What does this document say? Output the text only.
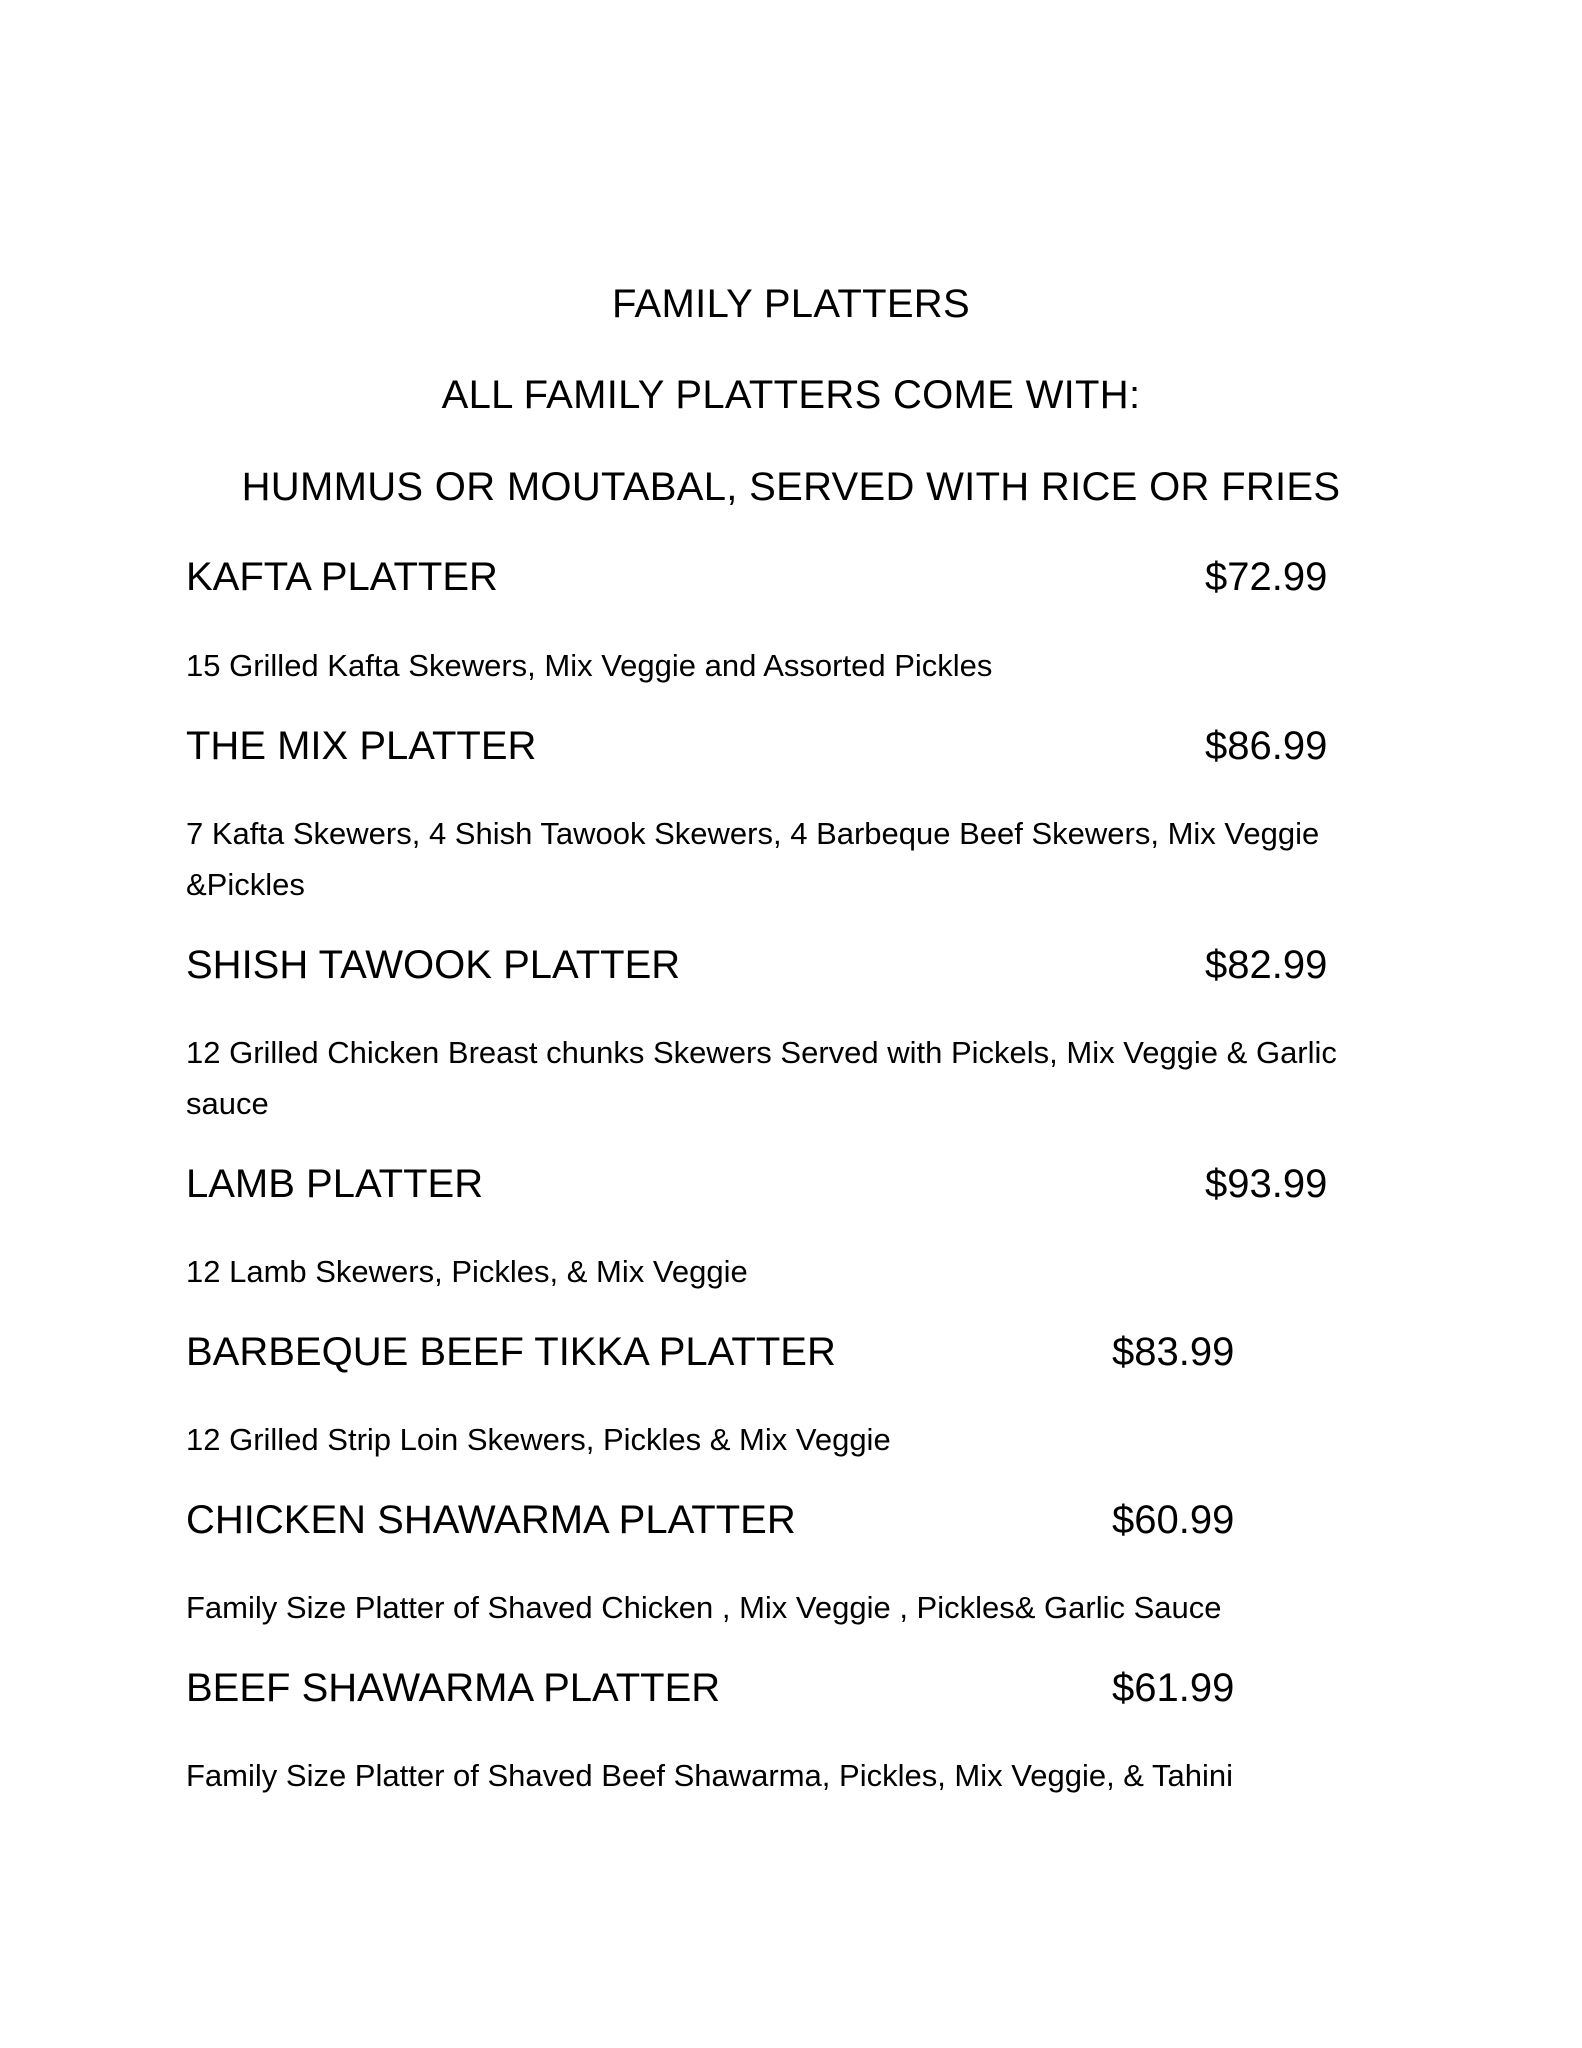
FAMILY PLATTERS
ALL FAMILY PLATTERS COME WITH:
HUMMUS OR MOUTABAL, SERVED WITH RICE OR FRIES
KAFTA PLATTER	$72.99
15 Grilled Kafta Skewers, Mix Veggie and Assorted Pickles
THE MIX PLATTER	$86.99
7 Kafta Skewers, 4 Shish Tawook Skewers, 4 Barbeque Beef Skewers, Mix Veggie &Pickles
SHISH TAWOOK PLATTER	$82.99
12 Grilled Chicken Breast chunks Skewers Served with Pickels, Mix Veggie & Garlic sauce
LAMB PLATTER	$93.99
12 Lamb Skewers, Pickles, & Mix Veggie
BARBEQUE BEEF TIKKA PLATTER	$83.99
12 Grilled Strip Loin Skewers, Pickles & Mix Veggie
CHICKEN SHAWARMA PLATTER	$60.99
Family Size Platter of Shaved Chicken , Mix Veggie , Pickles& Garlic Sauce
BEEF SHAWARMA PLATTER	$61.99
Family Size Platter of Shaved Beef Shawarma, Pickles, Mix Veggie, & Tahini
